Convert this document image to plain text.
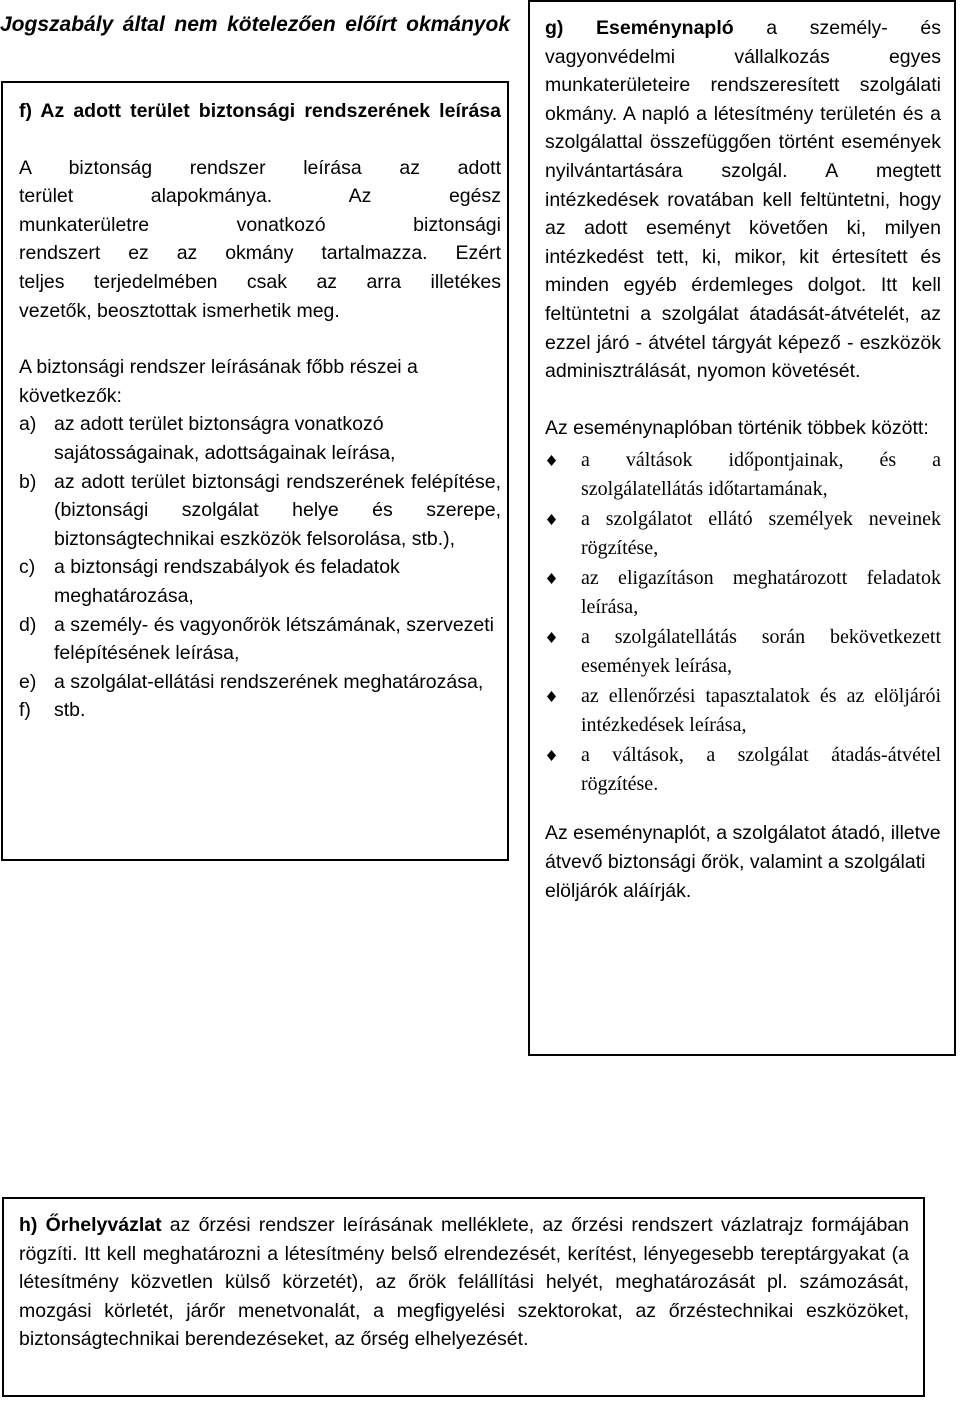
Jogszabály által nem kötelezően előírt okmányok

f) Az adott terület biztonsági rendszerének leírása

A biztonság rendszer leírása az adott

terület alapokmánya. Az egész

munkaterületre vonatkozó biztonsági

rendszert ez az okmány tartalmazza. Ezért

teljes terjedelmében csak az arra illetékes

vezetők, beosztottak ismerhetik meg.

A biztonsági rendszer leírásának főbb részei a következők:

a) az adott terület biztonságra vonatkozó sajátosságainak, adottságainak leírása,
b) az adott terület biztonsági rendszerének felépítése, (biztonsági szolgálat helye és szerepe, biztonságtechnikai eszközök felsorolása, stb.),
c) a biztonsági rendszabályok és feladatok meghatározása,
d) a személy- és vagyonőrök létszámának, szervezeti felépítésének leírása,
e) a szolgálat-ellátási rendszerének meghatározása,
f)	stb.

g) Eseménynapló a személy- és vagyonvédelmi vállalkozás egyes munkaterületeire rendszeresített szolgálati okmány. A napló a létesítmény területén és a szolgálattal összefüggően történt események nyilvántartására szolgál. A megtett intézkedések rovatában kell feltüntetni, hogy az adott eseményt követően ki, milyen intézkedést tett, ki, mikor, kit értesített és minden egyéb érdemleges dolgot. Itt kell feltüntetni a szolgálat átadását-átvételét, az ezzel járó - átvétel tárgyát képező - eszközök adminisztrálását, nyomon követését.

Az eseménynaplóban történik többek között:

a váltások időpontjainak, és a szolgálatellátás időtartamának,
a szolgálatot ellátó személyek neveinek rögzítése,
az eligazításon meghatározott feladatok leírása,
a szolgálatellátás során bekövetkezett események leírása,
az ellenőrzési tapasztalatok és az elöljárói intézkedések leírása,
a váltások, a szolgálat átadás-átvétel rögzítése.

Az eseménynaplót, a szolgálatot átadó, illetve átvevő biztonsági őrök, valamint a szolgálati elöljárók aláírják.

h) Őrhelyvázlat az őrzési rendszer leírásának melléklete, az őrzési rendszert vázlatrajz formájában rögzíti. Itt kell meghatározni a létesítmény belső elrendezését, kerítést, lényegesebb tereptárgyakat (a létesítmény közvetlen külső körzetét), az őrök felállítási helyét, meghatározását pl. számozását, mozgási körletét, járőr menetvonalát, a megfigyelési szektorokat, az őrzéstechnikai eszközöket, biztonságtechnikai berendezéseket, az őrség elhelyezését.
